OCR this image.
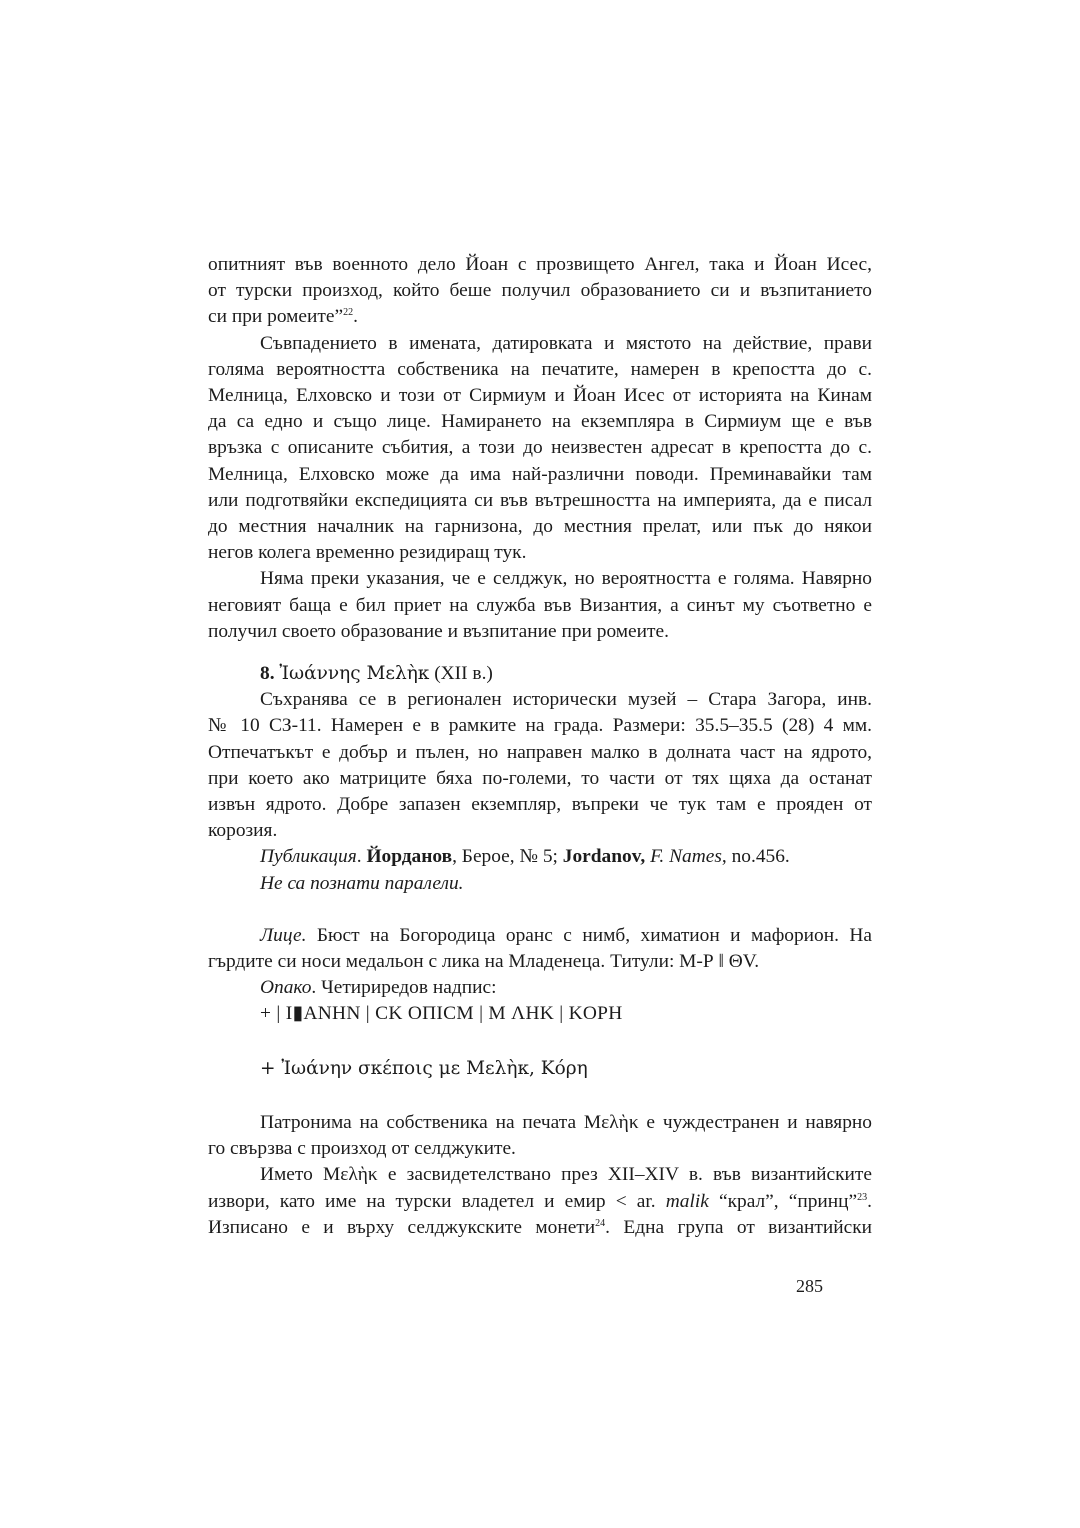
опитният във военното дело Йоан с прозвището Ангел, така и Йоан Исес,
от турски произход, който беше получил образованието си и възпитанието
си при ромеите”$^{22}$.
Съвпадението в имената, датировката и мястото на действие, прави
голяма вероятността собственика на печатите, намерен в крепостта до с.
Мелница, Елховско и този от Сирмиум и Йоан Исес от историята на Кинам
да са едно и също лице. Намирането на екземпляра в Сирмиум ще е във
връзка с описаните събития, а този до неизвестен адресат в крепостта до с.
Мелница, Елховско може да има най-различни поводи. Преминавайки там
или подготвяйки експедицията си във вътрешността на империята, да е писал
до местния началник на гарнизона, до местния прелат, или пък до някои
негов колега временно резидиращ тук.
Няма преки указания, че е селджук, но вероятността е голяма. Навярно
неговият баща е бил приет на служба във Византия, а синът му съответно е
получил своето образование и възпитание при ромеите.
8. Ἰωάννης Μελὴκ (XII в.)
Съхранява се в регионален исторически музей – Стара Загора, инв.
№ 10 СЗ-11. Намерен е в рамките на града. Размери: 35.5–35.5 (28) 4 мм.
Отпечатъкът е добър и пълен, но направен малко в долната част на ядрото,
при което ако матриците бяха по-големи, то части от тях щяха да останат
извън ядрото. Добре запазен екземпляр, въпреки че тук там е прояден от
корозия.
Публикация. Йорданов, Берое, № 5; Jordanov, F. Names, no.456.
Не са познати паралели.
Лице. Бюст на Богородица оранс с нимб, химатион и мафорион. На
гърдите си носи медальон с лика на Младенеца. Титули: Μ-Ρ ‖ ΘV.
Опако. Четириредов надпис:
+ | I▮ANHN | CK OΠICM | M ΛHK | KOPH
+ Ἰωάνην σκέποις με Μελὴκ, Κόρη
Патронима на собственика на печата Μελὴκ е чуждестранен и навярно
го свързва с произход от селджуките.
Името Μελὴκ е засвидетелствано през XII–XIV в. във византийските
извори, като име на турски владетел и емир < ar. malik “крал”, “принц”$^{23}$.
Изписано е и върху селджукските монети$^{24}$. Една група от византийски
285
